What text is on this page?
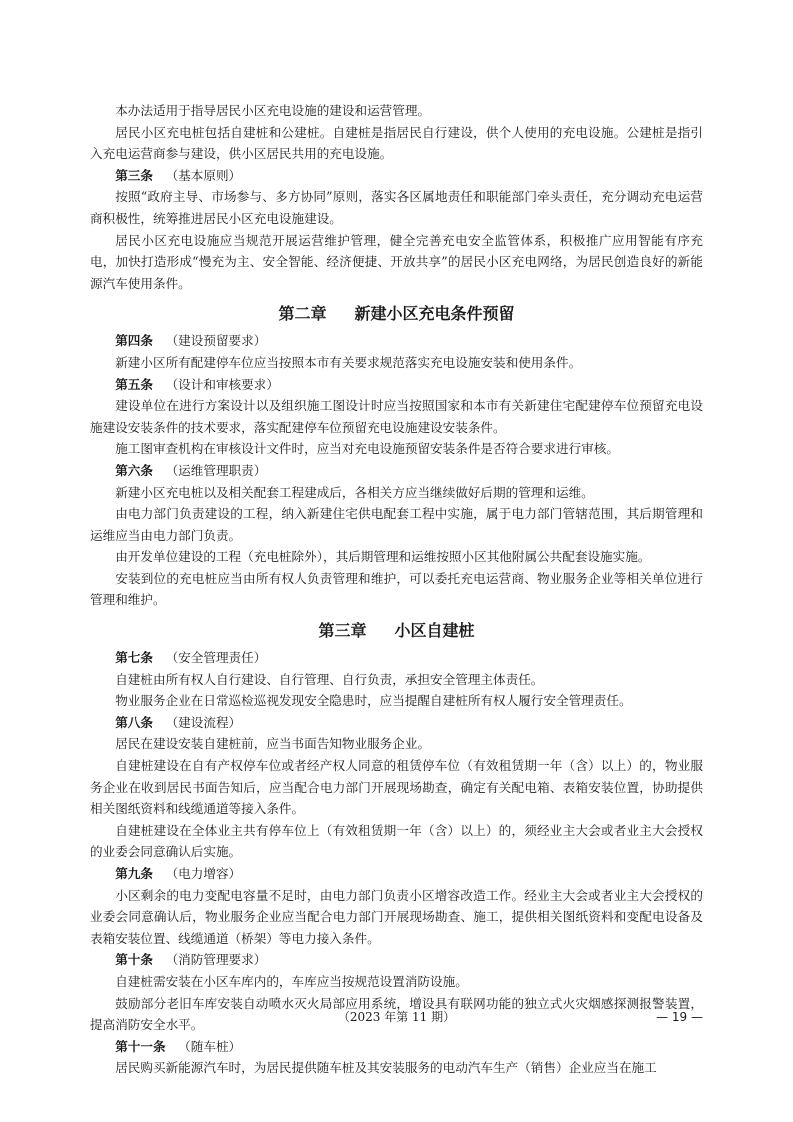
本办法适用于指导居民小区充电设施的建设和运营管理。

居民小区充电桩包括自建桩和公建桩。自建桩是指居民自行建设，供个人使用的充电设施。公建桩是指引入充电运营商参与建设，供小区居民共用的充电设施。

第三条 （基本原则）

按照“政府主导、市场参与、多方协同”原则，落实各区属地责任和职能部门牵头责任，充分调动充电运营商积极性，统筹推进居民小区充电设施建设。

居民小区充电设施应当规范开展运营维护管理，健全完善充电安全监管体系，积极推广应用智能有序充电，加快打造形成“慢充为主、安全智能、经济便捷、开放共享”的居民小区充电网络，为居民创造良好的新能源汽车使用条件。

第二章 新建小区充电条件预留

第四条 （建设预留要求）

新建小区所有配建停车位应当按照本市有关要求规范落实充电设施安装和使用条件。

第五条 （设计和审核要求）

建设单位在进行方案设计以及组织施工图设计时应当按照国家和本市有关新建住宅配建停车位预留充电设施建设安装条件的技术要求，落实配建停车位预留充电设施建设安装条件。

施工图审查机构在审核设计文件时，应当对充电设施预留安装条件是否符合要求进行审核。

第六条 （运维管理职责）

新建小区充电桩以及相关配套工程建成后，各相关方应当继续做好后期的管理和运维。

由电力部门负责建设的工程，纳入新建住宅供电配套工程中实施，属于电力部门管辖范围，其后期管理和运维应当由电力部门负责。

由开发单位建设的工程（充电桩除外），其后期管理和运维按照小区其他附属公共配套设施实施。

安装到位的充电桩应当由所有权人负责管理和维护，可以委托充电运营商、物业服务企业等相关单位进行管理和维护。

第三章 小区自建桩

第七条 （安全管理责任）

自建桩由所有权人自行建设、自行管理、自行负责，承担安全管理主体责任。

物业服务企业在日常巡检巡视发现安全隐患时，应当提醒自建桩所有权人履行安全管理责任。

第八条 （建设流程）

居民在建设安装自建桩前，应当书面告知物业服务企业。

自建桩建设在自有产权停车位或者经产权人同意的租赁停车位（有效租赁期一年（含）以上）的，物业服务企业在收到居民书面告知后，应当配合电力部门开展现场勘查，确定有关配电箱、表箱安装位置，协助提供相关图纸资料和线缆通道等接入条件。

自建桩建设在全体业主共有停车位上（有效租赁期一年（含）以上）的，须经业主大会或者业主大会授权的业委会同意确认后实施。

第九条 （电力增容）

小区剩余的电力变配电容量不足时，由电力部门负责小区增容改造工作。经业主大会或者业主大会授权的业委会同意确认后，物业服务企业应当配合电力部门开展现场勘查、施工，提供相关图纸资料和变配电设备及表箱安装位置、线缆通道（桥架）等电力接入条件。

第十条 （消防管理要求）

自建桩需安装在小区车库内的，车库应当按规范设置消防设施。

鼓励部分老旧车库安装自动喷水灭火局部应用系统，增设具有联网功能的独立式火灾烟感探测报警装置，提高消防安全水平。

第十一条 （随车桩）

居民购买新能源汽车时，为居民提供随车桩及其安装服务的电动汽车生产（销售）企业应当在施工

（2023 年第 11 期）	— 19 —
